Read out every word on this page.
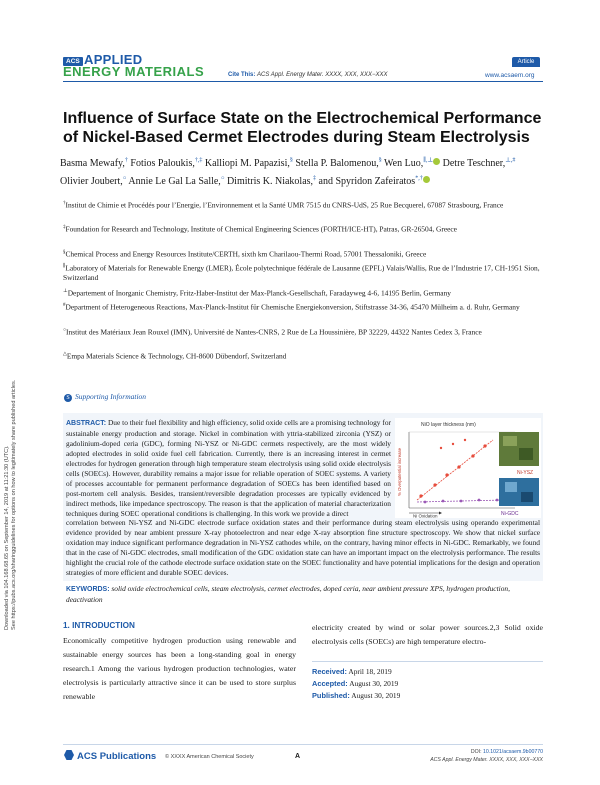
ACS APPLIED
ENERGY MATERIALS	Cite This: ACS Appl. Energy Mater. XXXX, XXX, XXX−XXX
Article
www.acsaem.org
Influence of Surface State on the Electrochemical Performance of Nickel-Based Cermet Electrodes during Steam Electrolysis
Basma Mewafy,† Fotios Paloukis,†,‡ Kalliopi M. Papazisi,§ Stella P. Balomenou,§ Wen Luo,∥,⊥ Detre Teschner,⊥,# Olivier Joubert,○ Annie Le Gal La Salle,○ Dimitris K. Niakolas,‡ and Spyridon Zafeiratos*,†
†Institut de Chimie et Procédés pour l’Energie, l’Environnement et la Santé UMR 7515 du CNRS-UdS, 25 Rue Becquerel, 67087 Strasbourg, France
‡Foundation for Research and Technology, Institute of Chemical Engineering Sciences (FORTH/ICE-HT), Patras, GR-26504, Greece
§Chemical Process and Energy Resources Institute/CERTH, sixth km Charilaou-Thermi Road, 57001 Thessaloniki, Greece
∥Laboratory of Materials for Renewable Energy (LMER), École polytechnique fédérale de Lausanne (EPFL) Valais/Wallis, Rue de l’Industrie 17, CH-1951 Sion, Switzerland
⊥Departement of Inorganic Chemistry, Fritz-Haber-Institut der Max-Planck-Gesellschaft, Faradayweg 4-6, 14195 Berlin, Germany
#Department of Heterogeneous Reactions, Max-Planck-Institut für Chemische Energiekonversion, Stiftstrasse 34-36, 45470 Mülheim a. d. Ruhr, Germany
○Institut des Matériaux Jean Rouxel (IMN), Université de Nantes-CNRS, 2 Rue de La Houssinière, BP 32229, 44322 Nantes Cedex 3, France
△Empa Materials Science & Technology, CH-8600 Dübendorf, Switzerland
S Supporting Information
ABSTRACT: Due to their fuel flexibility and high efficiency, solid oxide cells are a promising technology for sustainable energy production and storage. Nickel in combination with yttria-stabilized zirconia (YSZ) or gadolinium-doped ceria (GDC), forming Ni-YSZ or Ni-GDC cermets respectively, are the most widely adopted electrodes in solid oxide fuel cell fabrication. Currently, there is an increasing interest in cermet electrodes for hydrogen generation through high temperature steam electrolysis using solid oxide electrolysis cells (SOECs). However, durability remains a major issue for reliable operation of SOEC systems. A variety of processes accountable for permanent performance degradation of SOECs has been identified based on post-mortem cell analysis. Besides, transient/reversible degradation processes are typically evidenced by indirect methods, like impedance spectroscopy. The reason is that the application of material characterization techniques during SOEC operational conditions is challenging. In this work we provide a direct
correlation between Ni-YSZ and Ni-GDC electrode surface oxidation states and their performance during steam electrolysis using operando experimental evidence provided by near ambient pressure X-ray photoelectron and near edge X-ray absorption fine structure spectroscopy. We show that nickel surface oxidation may induce significant performance degradation in Ni-YSZ cathodes while, on the contrary, having minor effects in Ni-GDC. Remarkably, we found that in the case of Ni-GDC electrodes, small modification of the GDC oxidation state can have an important impact on the electrolysis performance. The results highlight the crucial role of the cathode electrode surface oxidation state on the SOEC functionality and have potential implications for the design and operation strategies of more efficient and durable SOEC devices.
NiO layer thickness (nm)
% Overpotential increase	Ni-YSZ
Ni-GDC
Ni Oxidation
KEYWORDS: solid oxide electrochemical cells, steam electrolysis, cermet electrodes, doped ceria, near ambient pressure XPS, hydrogen production, deactivation
Downloaded via 104.168.68.65 on September 14, 2019 at 11:21:30 (UTC). See https://pubs.acs.org/sharingguidelines for options on how to legitimately share published articles.	1. INTRODUCTION
Economically competitive hydrogen production using renewable and sustainable energy sources has been a long-standing goal in energy research.1 Among the various hydrogen production technologies, water electrolysis is particularly attractive since it can be used to store surplus renewable
electricity created by wind or solar power sources.2,3 Solid oxide electrolysis cells (SOECs) are high temperature electro-
Received: April 18, 2019
Accepted: August 30, 2019
Published: August 30, 2019
ACS Publications © XXXX American Chemical Society	A
DOI: 10.1021/acsaem.9b00770
ACS Appl. Energy Mater. XXXX, XXX, XXX−XXX
